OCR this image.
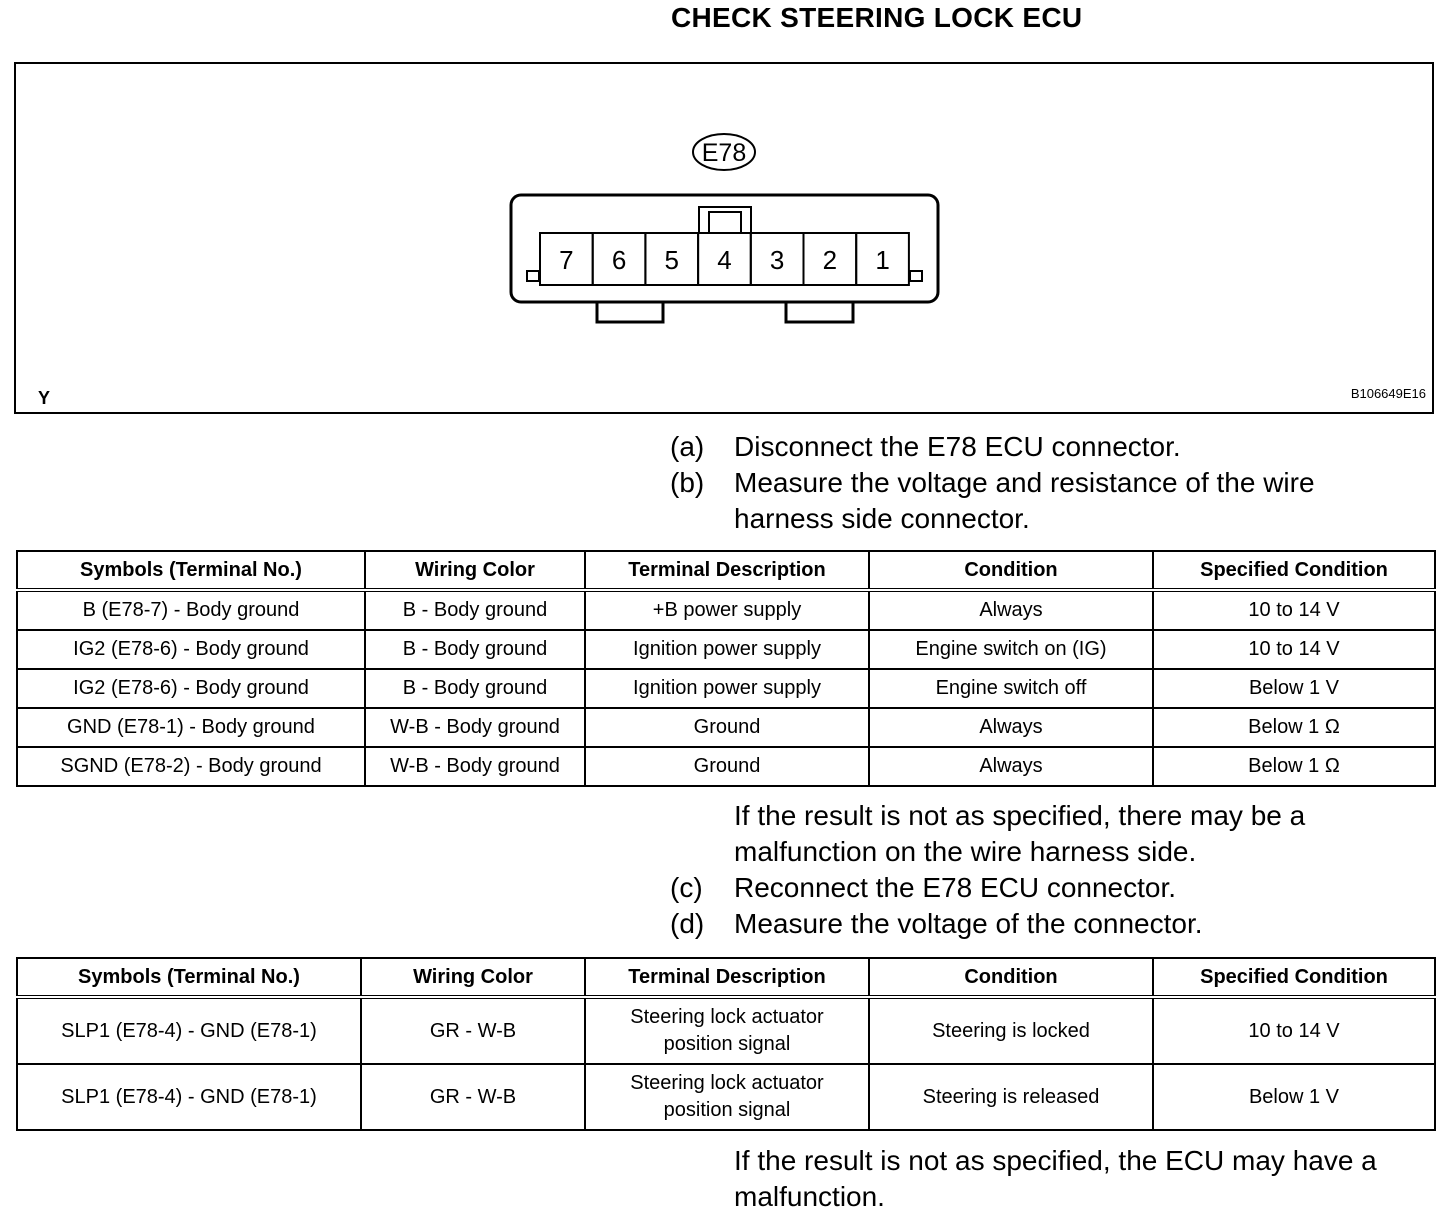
CHECK STEERING LOCK ECU
E78
7 6 5 4 3 2 1
Y	B106649E16
(a) Disconnect the E78 ECU connector.
(b) Measure the voltage and resistance of the wire
harness side connector.
Symbols (Terminal No.)	Wiring Color	Terminal Description	Condition	Specified Condition
B (E78-7) - Body ground	B - Body ground	+B power supply	Always	10 to 14 V
IG2 (E78-6) - Body ground	B - Body ground	Ignition power supply	Engine switch on (IG)	10 to 14 V
IG2 (E78-6) - Body ground	B - Body ground	Ignition power supply	Engine switch off	Below 1 V
GND (E78-1) - Body ground	W-B - Body ground	Ground	Always	Below 1 Ω
SGND (E78-2) - Body ground	W-B - Body ground	Ground	Always	Below 1 Ω
If the result is not as specified, there may be a
malfunction on the wire harness side.
(c) Reconnect the E78 ECU connector.
(d) Measure the voltage of the connector.
Symbols (Terminal No.)	Wiring Color	Terminal Description	Condition	Specified Condition
SLP1 (E78-4) - GND (E78-1)	GR - W-B	Steering lock actuator
position signal	Steering is locked	10 to 14 V
SLP1 (E78-4) - GND (E78-1)	GR - W-B	Steering lock actuator
position signal	Steering is released	Below 1 V
If the result is not as specified, the ECU may have a
malfunction.
